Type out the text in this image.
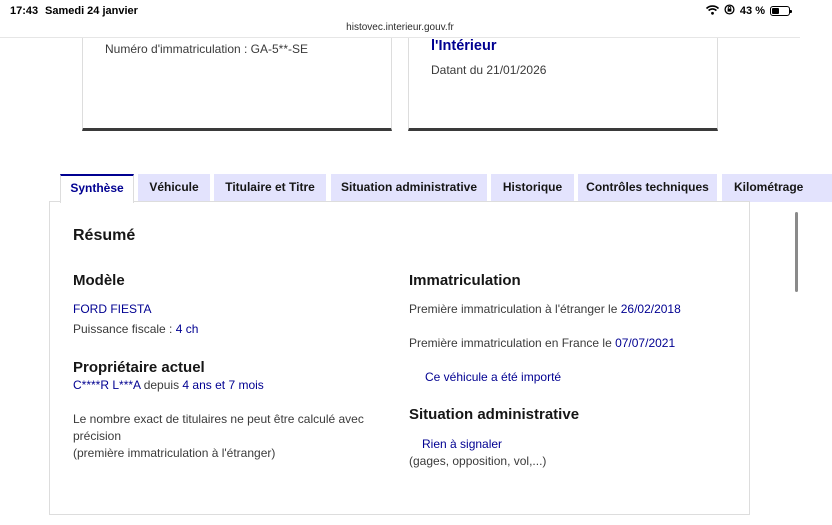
17:43 Samedi 24 janvier	43 %
histovec.interieur.gouv.fr
Numéro d'immatriculation : GA-5**-SE	l'Intérieur
Datant du 21/01/2026
Synthèse	Véhicule	Titulaire et Titre	Situation administrative	Historique	Contrôles techniques	Kilométrage
Résumé
Modèle
FORD FIESTA
Puissance fiscale : 4 ch
Propriétaire actuel
C****R L***A depuis 4 ans et 7 mois
Le nombre exact de titulaires ne peut être calculé avec
précision
(première immatriculation à l'étranger)
Immatriculation
Première immatriculation à l'étranger le 26/02/2018
Première immatriculation en France le 07/07/2021
Ce véhicule a été importé
Situation administrative
Rien à signaler
(gages, opposition, vol,...)
